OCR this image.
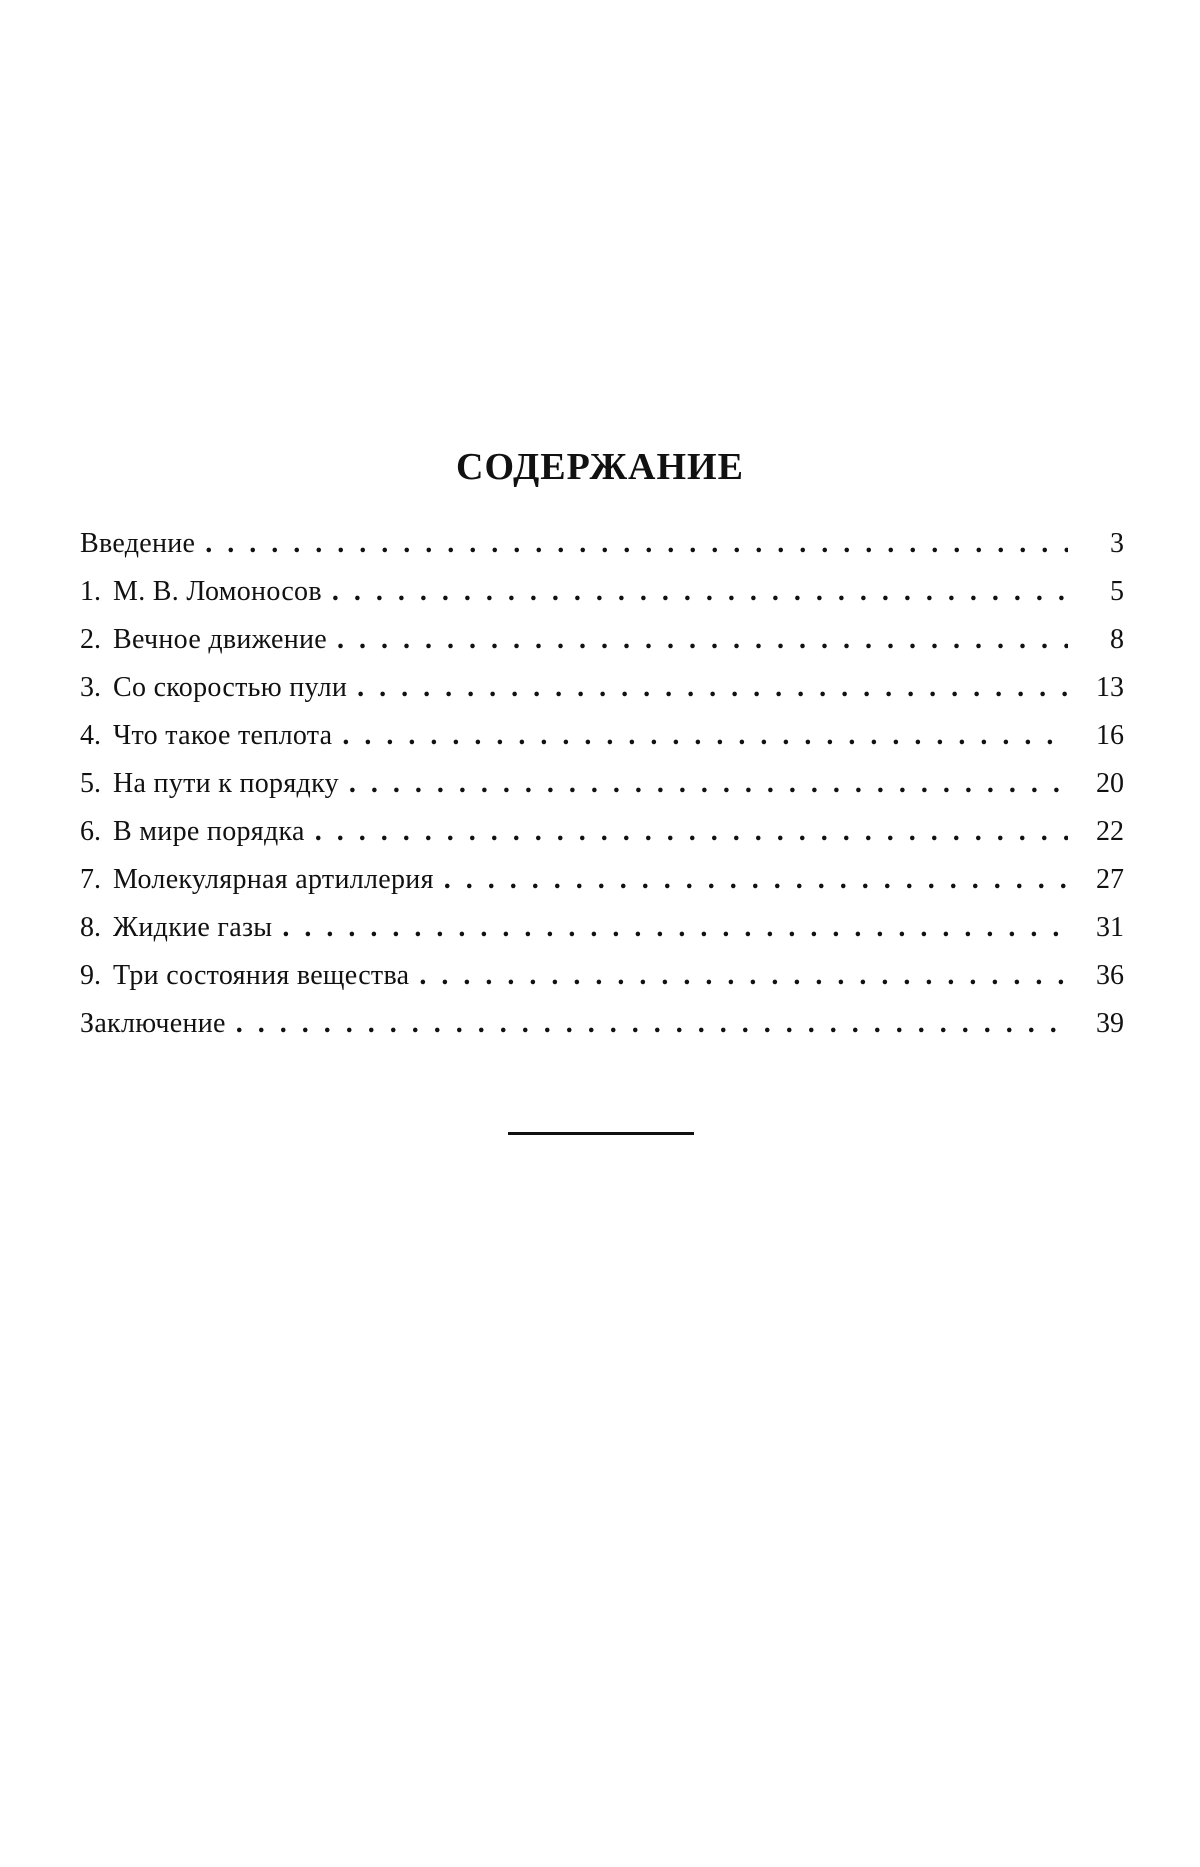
СОДЕРЖАНИЕ
Введение . . .	3
1. М. В. Ломоносов . . .	5
2. Вечное движение . . .	8
3. Со скоростью пули . . .	13
4. Что такое теплота . . .	16
5. На пути к порядку . . .	20
6. В мире порядка . . .	22
7. Молекулярная артиллерия . . .	27
8. Жидкие газы . . .	31
9. Три состояния вещества . . .	36
Заключение . . .	39
